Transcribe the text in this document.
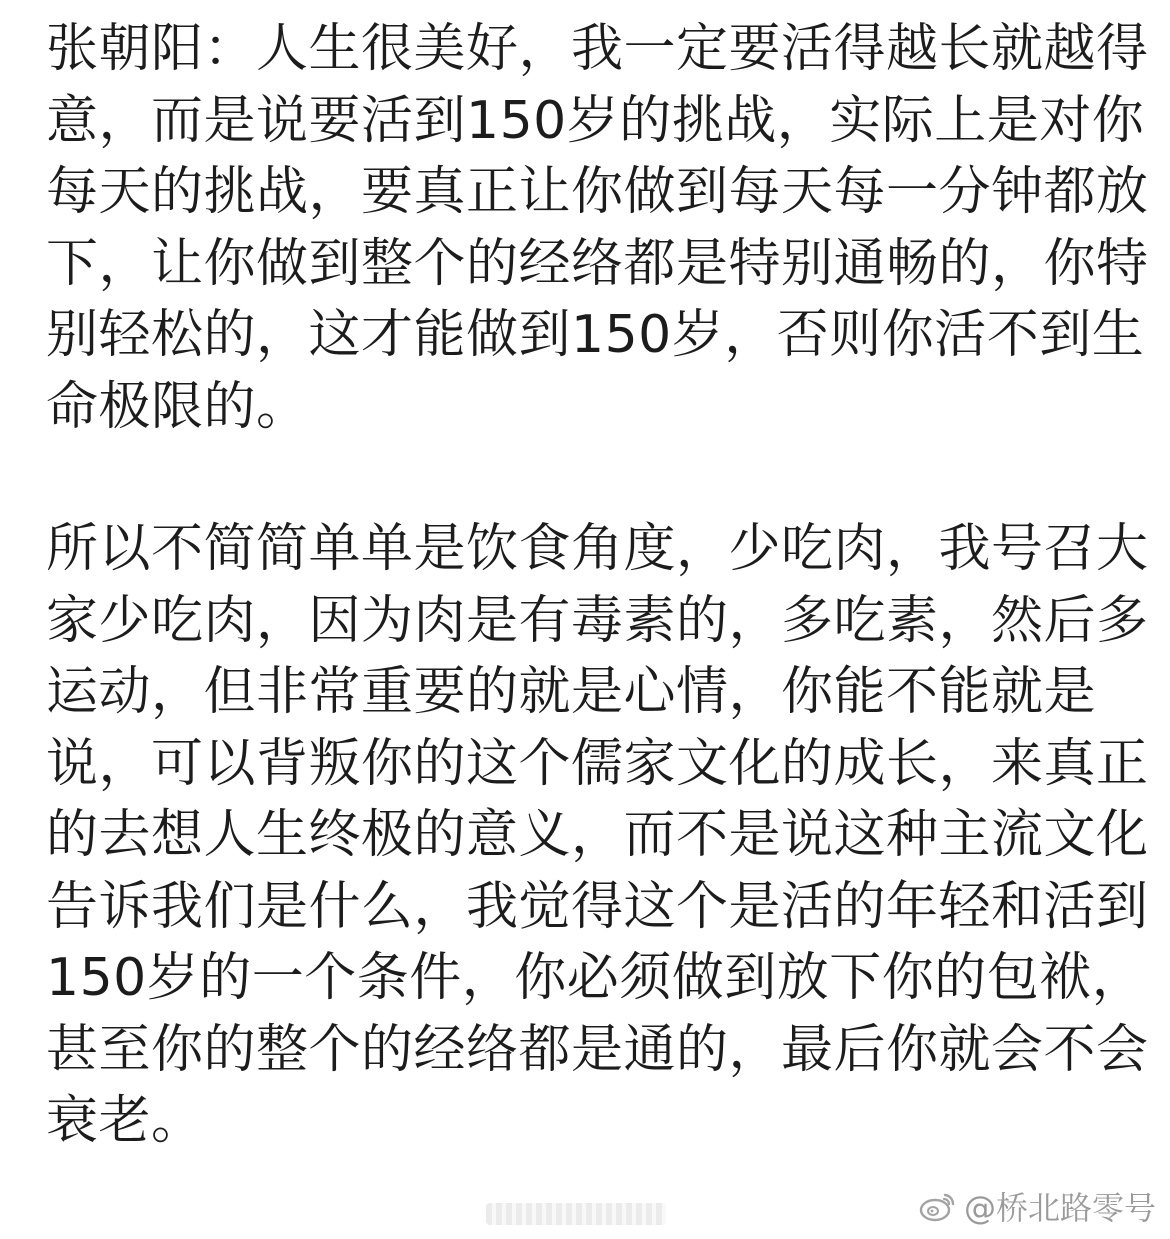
张朝阳：人生很美好，我一定要活得越长就越得
意，而是说要活到150岁的挑战，实际上是对你
每天的挑战，要真正让你做到每天每一分钟都放
下，让你做到整个的经络都是特别通畅的，你特
别轻松的，这才能做到150岁，否则你活不到生
命极限的。

所以不简简单单是饮食角度，少吃肉，我号召大
家少吃肉，因为肉是有毒素的，多吃素，然后多
运动，但非常重要的就是心情，你能不能就是
说，可以背叛你的这个儒家文化的成长，来真正
的去想人生终极的意义，而不是说这种主流文化
告诉我们是什么，我觉得这个是活的年轻和活到
150岁的一个条件，你必须做到放下你的包袱，
甚至你的整个的经络都是通的，最后你就会不会
衰老。

@桥北路零号
